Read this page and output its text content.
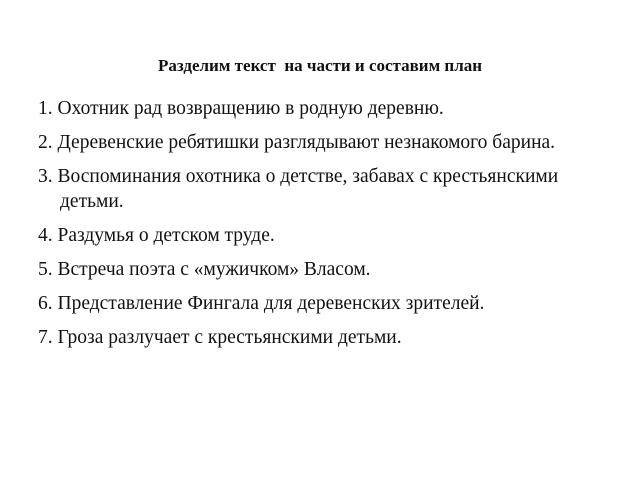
Разделим текст  на части и составим план
1. Охотник рад возвращению в родную деревню.
2. Деревенские ребятишки разглядывают незнакомого барина.
3. Воспоминания охотника о детстве, забавах с крестьянскими детьми.
4. Раздумья о детском труде.
5. Встреча поэта с «мужичком» Власом.
6. Представление Фингала для деревенских зрителей.
7. Гроза разлучает с крестьянскими детьми.
